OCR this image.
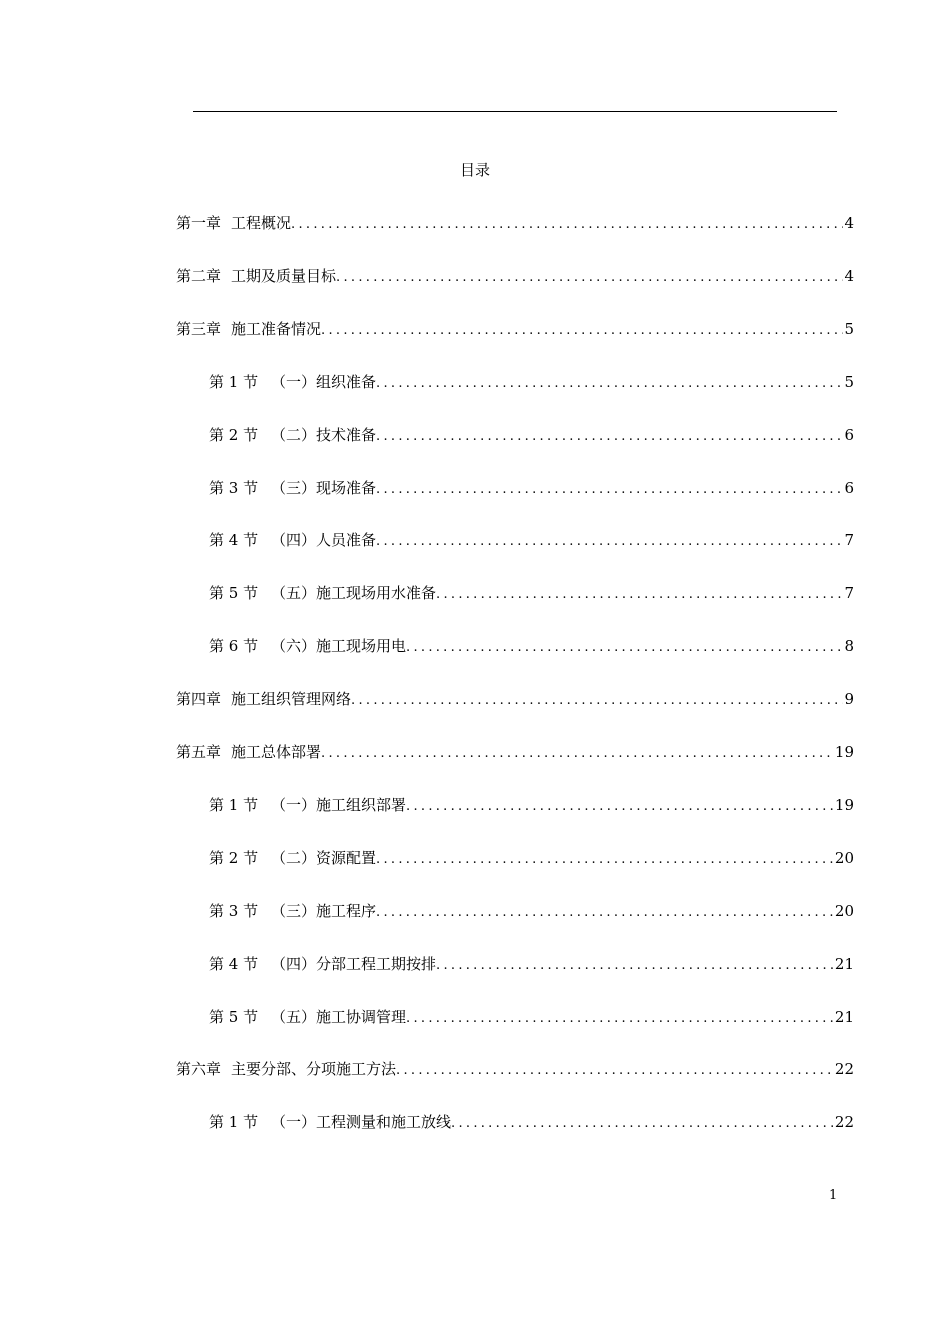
目录
第一章 工程概况 .....	4
第二章 工期及质量目标 .....	4
第三章 施工准备情况 .....	5
第 1 节 （一）组织准备 .....	5
第 2 节 （二）技术准备 .....	6
第 3 节 （三）现场准备 .....	6
第 4 节 （四）人员准备 .....	7
第 5 节 （五）施工现场用水准备 .....	7
第 6 节 （六）施工现场用电 .....	8
第四章 施工组织管理网络 .....	9
第五章 施工总体部署 .....	19
第 1 节 （一）施工组织部署 .....	19
第 2 节 （二）资源配置 .....	20
第 3 节 （三）施工程序 .....	20
第 4 节 （四）分部工程工期按排 .....	21
第 5 节 （五）施工协调管理 .....	21
第六章 主要分部、分项施工方法 .....	22
第 1 节 （一）工程测量和施工放线 .....	22
1
